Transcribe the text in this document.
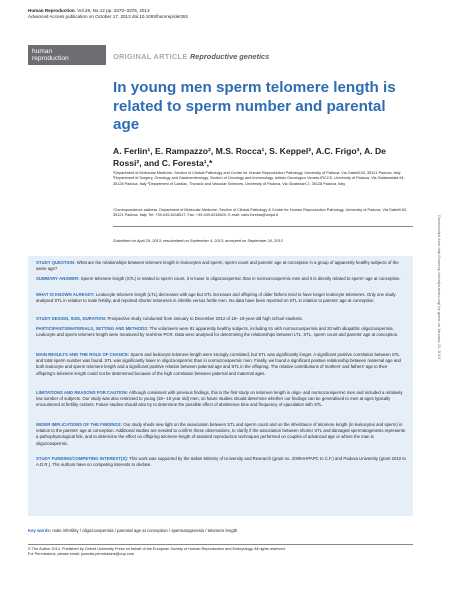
Human Reproduction, Vol.28, No.12 pp. 3370–3376, 2013
Advanced Access publication on October 17, 2013 doi:10.1093/humrep/det391
human
reproduction	ORIGINAL ARTICLE Reproductive genetics
In young men sperm telomere length is related to sperm number and parental age
A. Ferlin¹, E. Rampazzo², M.S. Rocca¹, S. Keppel², A.C. Frigo³, A. De Rossi², and C. Foresta¹,*
¹Department of Molecular Medicine, Section of Clinical Pathology and Centre for Human Reproduction Pathology, University of Padova, Via Gabelli 63, 35121 Padova, Italy ²Department of Surgery, Oncology and Gastroenterology, Section of Oncology and Immunology, Istituto Oncologico Veneto-IRCCS, University of Padova, Via Gattamelata 64, 35128 Padova, Italy ³Department of Cardiac, Thoracic and Vascular Sciences, University of Padova, Via Giustiniani 2, 35128 Padova, Italy
*Correspondence address. Department of Molecular Medicine, Section of Clinical Pathology & Centre for Human Reproduction Pathology, University of Padova, Via Gabelli 63, 35121 Padova, Italy. Tel: +39-049-8218517; Fax: +39-049-8218520; E-mail: carlo.foresta@unipd.it
Submitted on April 29, 2013; resubmitted on September 4, 2013; accepted on September 24, 2013
STUDY QUESTION: What are the relationships between telomere length in leukocytes and sperm, sperm count and parents' age at conception in a group of apparently healthy subjects of the same age?
SUMMARY ANSWER: Sperm telomere length (STL) is related to sperm count, it is lower in oligozoospermic than in normozoospermic men and it is directly related to sperm' age at conception.
WHAT IS KNOWN ALREADY: Leukocyte telomere length (LTL) decreases with age but STL increases and offspring of older fathers tend to have longer leukocyte telomeres. Only one study analysed STL in relation to male fertility, and reported shorter telomeres in infertile versus fertile men. No data have been reported on STL in relation to parents' age at conception.
STUDY DESIGN, SIZE, DURATION: Prospective study conducted from January to December 2012 of 18– 19-year-old high school students.
PARTICIPANTS/MATERIALS, SETTING AND METHODS: The volunteers were 81 apparently healthy subjects, including 61 with normozoospermia and 20 with idiopathic oligozoospermia. Leukocyte and sperm telomere length were measured by real-time PCR. Data were analysed for determining the relationships between LTL, STL, sperm count and parents' age at conception.
MAIN RESULTS AND THE ROLE OF CHANCE: Sperm and leukocyte telomere length were strongly correlated, but STL was significantly longer. A significant positive correlation between STL and total sperm number was found. STL was significantly lower in oligozoospermic than in normozoospermic men. Finally, we found a significant positive relationship between maternal age and both leukocyte and sperm telomere length and a significant positive relation between paternal age and STL in the offspring. The relative contributions of mothers' and fathers' age to their offspring's telomere length could not be determined because of the high correlation between paternal and maternal ages.
LIMITATIONS AND REASONS FOR CAUTION: Although consistent with previous findings, this is the first study on telomere length in oligo- and normozoospermic men and included a relatively low number of subjects. Our study was also restricted to young (18– 19 year old) men, so future studies should determine whether our findings can be generalised to men at ages typically encountered at fertility centers. Future studies should also try to determine the possible effect of abstinence time and frequency of ejaculation with STL.
WIDER IMPLICATIONS OF THE FINDINGS: Our study sheds new light on the association between STL and sperm count and on the inheritance of telomere length (in leukocytes and sperm) in relation to the parents' age at conception. Additional studies are needed to confirm these observations, to clarify if the association between shorter STL and damaged spermatogenesis represents a pathophysiological link, and to determine the effect on offspring telomere length of assisted reproduction techniques performed on couples of advanced age or where the man is oligozoospermic.
STUDY FUNDING/COMPETING INTEREST(S): This work was supported by the Italian Ministry of University and Research (grant no. 2009AHPAPC to C.F.) and Padova University (grant 2010 to A.D.R.). The authors have no competing interests to declare.
Key words: male infertility / oligozoospermia / parental age at conception / spermatogenesis / telomere length
© The Author 2013. Published by Oxford University Press on behalf of the European Society of Human Reproduction and Embryology. All rights reserved.
For Permissions, please email: journals.permissions@oup.com
Downloaded from http://humrep.oxfordjournals.org/ by guest on January 23, 2015
